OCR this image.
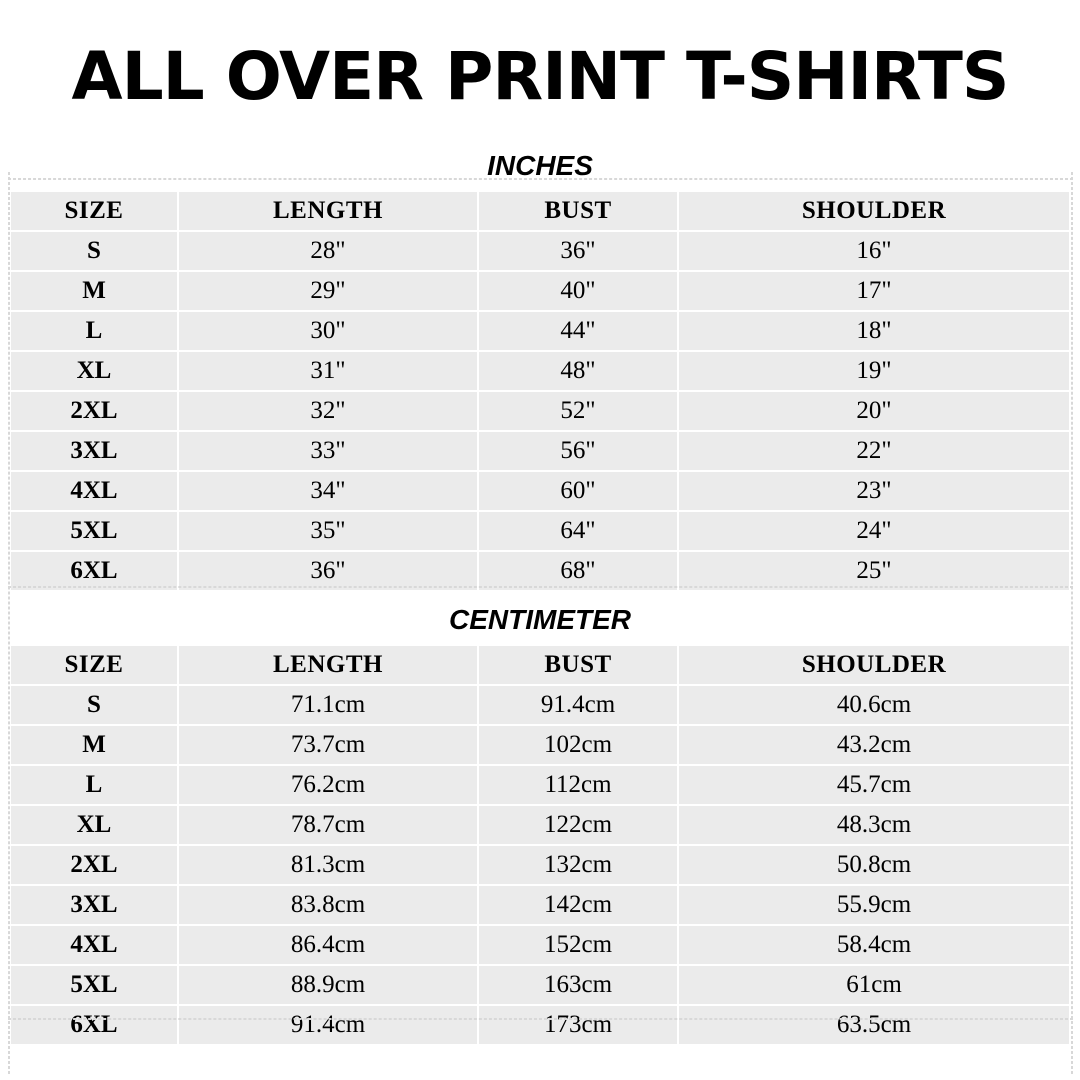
ALL OVER PRINT T-SHIRTS
INCHES
SIZE	LENGTH	BUST	SHOULDER
S	28"	36"	16"
M	29"	40"	17"
L	30"	44"	18"
XL	31"	48"	19"
2XL	32"	52"	20"
3XL	33"	56"	22"
4XL	34"	60"	23"
5XL	35"	64"	24"
6XL	36"	68"	25"
CENTIMETER
SIZE	LENGTH	BUST	SHOULDER
S	71.1cm	91.4cm	40.6cm
M	73.7cm	102cm	43.2cm
L	76.2cm	112cm	45.7cm
XL	78.7cm	122cm	48.3cm
2XL	81.3cm	132cm	50.8cm
3XL	83.8cm	142cm	55.9cm
4XL	86.4cm	152cm	58.4cm
5XL	88.9cm	163cm	61cm
6XL	91.4cm	173cm	63.5cm
